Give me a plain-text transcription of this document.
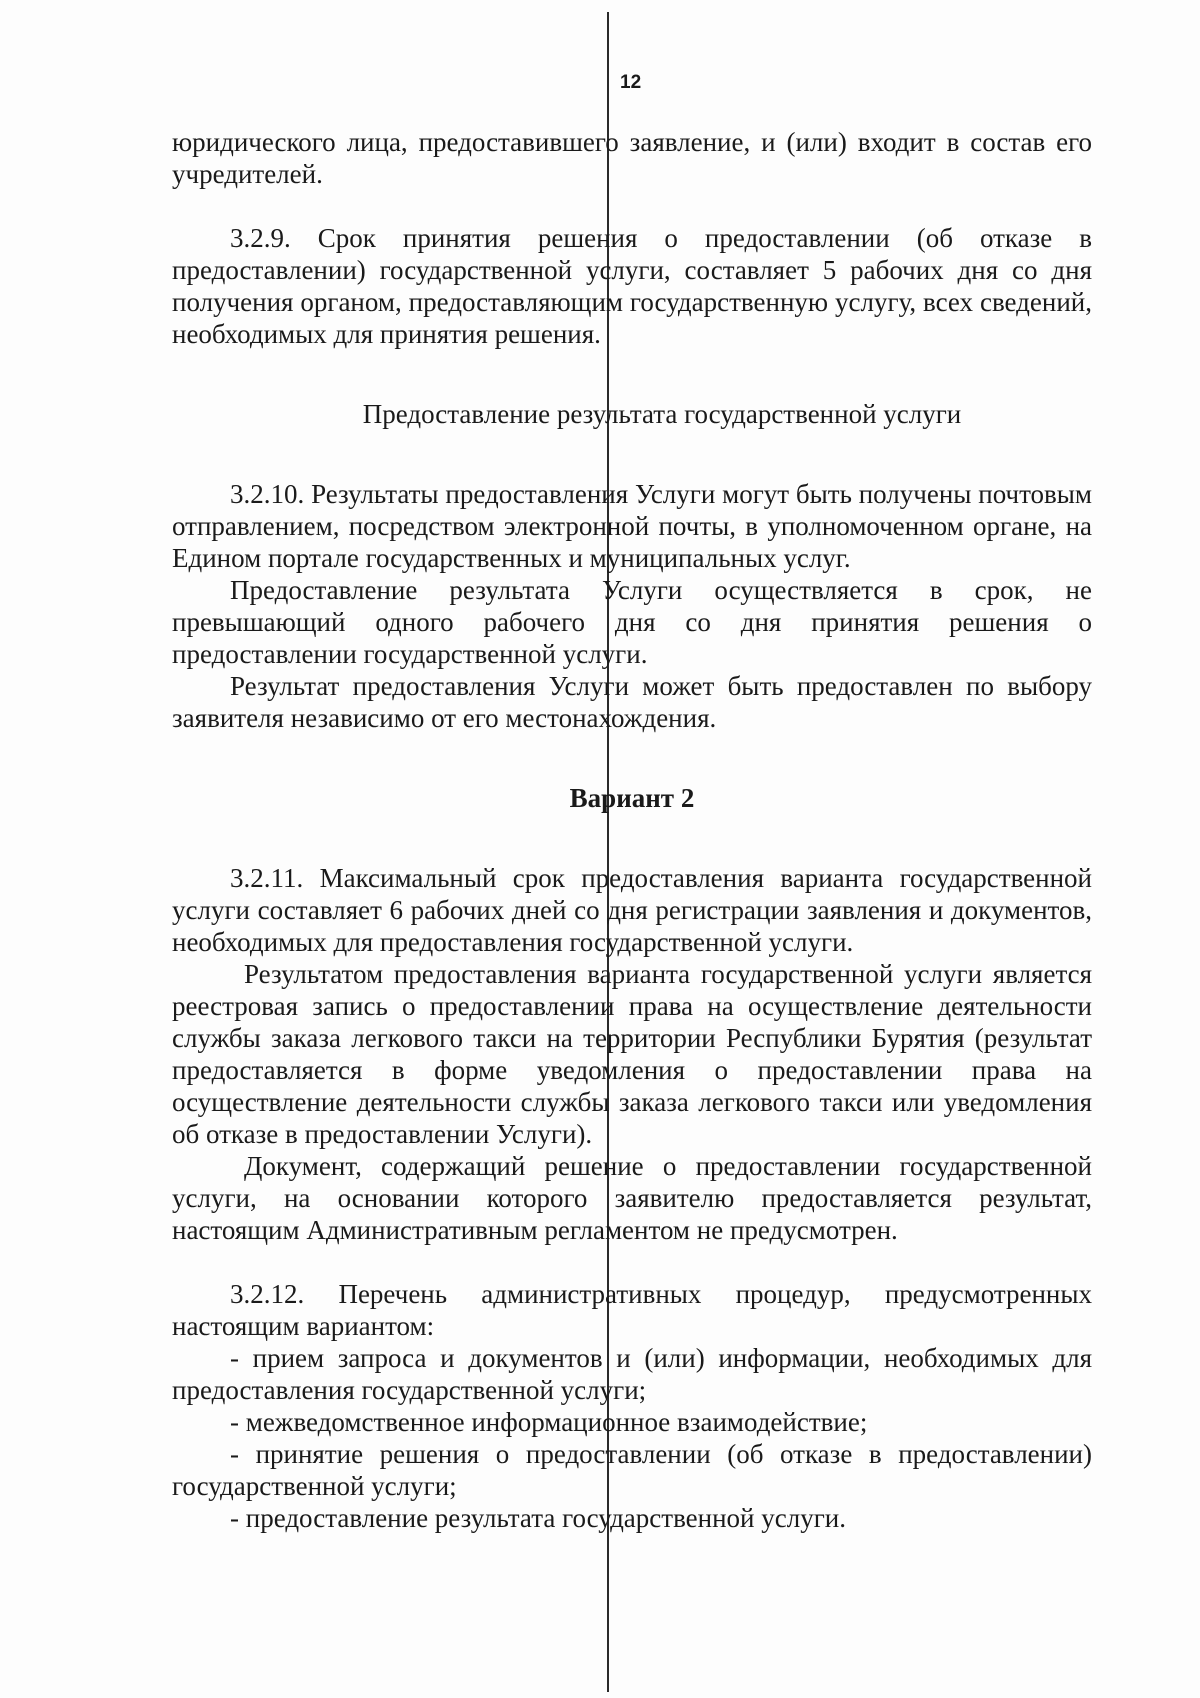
12

юридического лица, предоставившего заявление, и (или) входит в состав его учредителей.

3.2.9. Срок принятия решения о предоставлении (об отказе в предоставлении) государственной услуги, составляет 5 рабочих дня со дня получения органом, предоставляющим государственную услугу, всех сведений, необходимых для принятия решения.

Предоставление результата государственной услуги

3.2.10. Результаты предоставления Услуги могут быть получены почтовым отправлением, посредством электронной почты, в уполномоченном органе, на Едином портале государственных и муниципальных услуг.

Предоставление результата Услуги осуществляется в срок, не превышающий одного рабочего дня со дня принятия решения о предоставлении государственной услуги.

Результат предоставления Услуги может быть предоставлен по выбору заявителя независимо от его местонахождения.

Вариант 2

3.2.11. Максимальный срок предоставления варианта государственной услуги составляет 6 рабочих дней со дня регистрации заявления и документов, необходимых для предоставления государственной услуги.

Результатом предоставления варианта государственной услуги является реестровая запись о предоставлении права на осуществление деятельности службы заказа легкового такси на территории Республики Бурятия (результат предоставляется в форме уведомления о предоставлении права на осуществление деятельности службы заказа легкового такси или уведомления об отказе в предоставлении Услуги).

Документ, содержащий решение о предоставлении государственной услуги, на основании которого заявителю предоставляется результат, настоящим Административным регламентом не предусмотрен.

3.2.12. Перечень административных процедур, предусмотренных настоящим вариантом:

- прием запроса и документов и (или) информации, необходимых для предоставления государственной услуги;

- межведомственное информационное взаимодействие;

- принятие решения о предоставлении (об отказе в предоставлении) государственной услуги;

- предоставление результата государственной услуги.
